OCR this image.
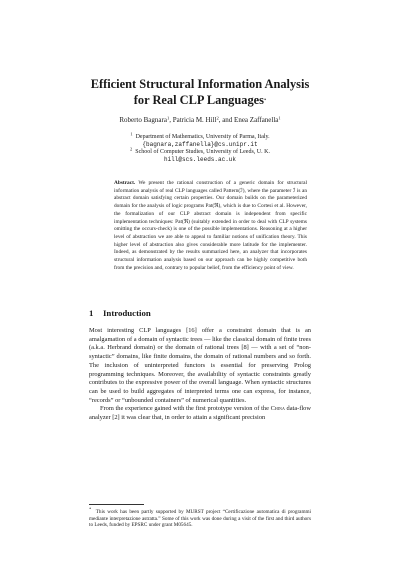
Efficient Structural Information Analysis
for Real CLP Languages*
Roberto Bagnara$^1$, Patricia M. Hill$^2$, and Enea Zaffanella$^1$
$^1$ Department of Mathematics, University of Parma, Italy.
{bagnara,zaffanella}@cs.unipr.it
$^2$ School of Computer Studies, University of Leeds, U. K.
hill@scs.leeds.ac.uk
Abstract. We present the rational construction of a generic domain for structural information analysis of real CLP languages called Pattern(ℐ), where the parameter ℐ is an abstract domain satisfying certain properties. Our domain builds on the parameterized domain for the analysis of logic programs Pat(ℜ), which is due to Cortesi et al. However, the formalization of our CLP abstract domain is independent from specific implementation techniques: Pat(ℜ) (suitably extended in order to deal with CLP systems omitting the occurs-check) is one of the possible implementations. Reasoning at a higher level of abstraction we are able to appeal to familiar notions of unification theory. This higher level of abstraction also gives considerable more latitude for the implementer. Indeed, as demonstrated by the results summarized here, an analyzer that incorporates structural information analysis based on our approach can be highly competitive both from the precision and, contrary to popular belief, from the efficiency point of view.
1 Introduction

Most interesting CLP languages [16] offer a constraint domain that is an amalgamation of a domain of syntactic trees — like the classical domain of finite trees (a.k.a. Herbrand domain) or the domain of rational trees [8] — with a set of “non-syntactic” domains, like finite domains, the domain of rational numbers and so forth. The inclusion of uninterpreted functors is essential for preserving Prolog programming techniques. Moreover, the availability of syntactic constraints greatly contributes to the expressive power of the overall language. When syntactic structures can be used to build aggregates of interpreted terms one can express, for instance, “records” or “unbounded containers” of numerical quantities.

From the experience gained with the first prototype version of the China data-flow analyzer [2] it was clear that, in order to attain a significant precision

* This work has been partly supported by MURST project “Certificazione automatica di programmi mediante interpretazione astratta.” Some of this work was done during a visit of the first and third authors to Leeds, funded by EPSRC under grant M05645.
